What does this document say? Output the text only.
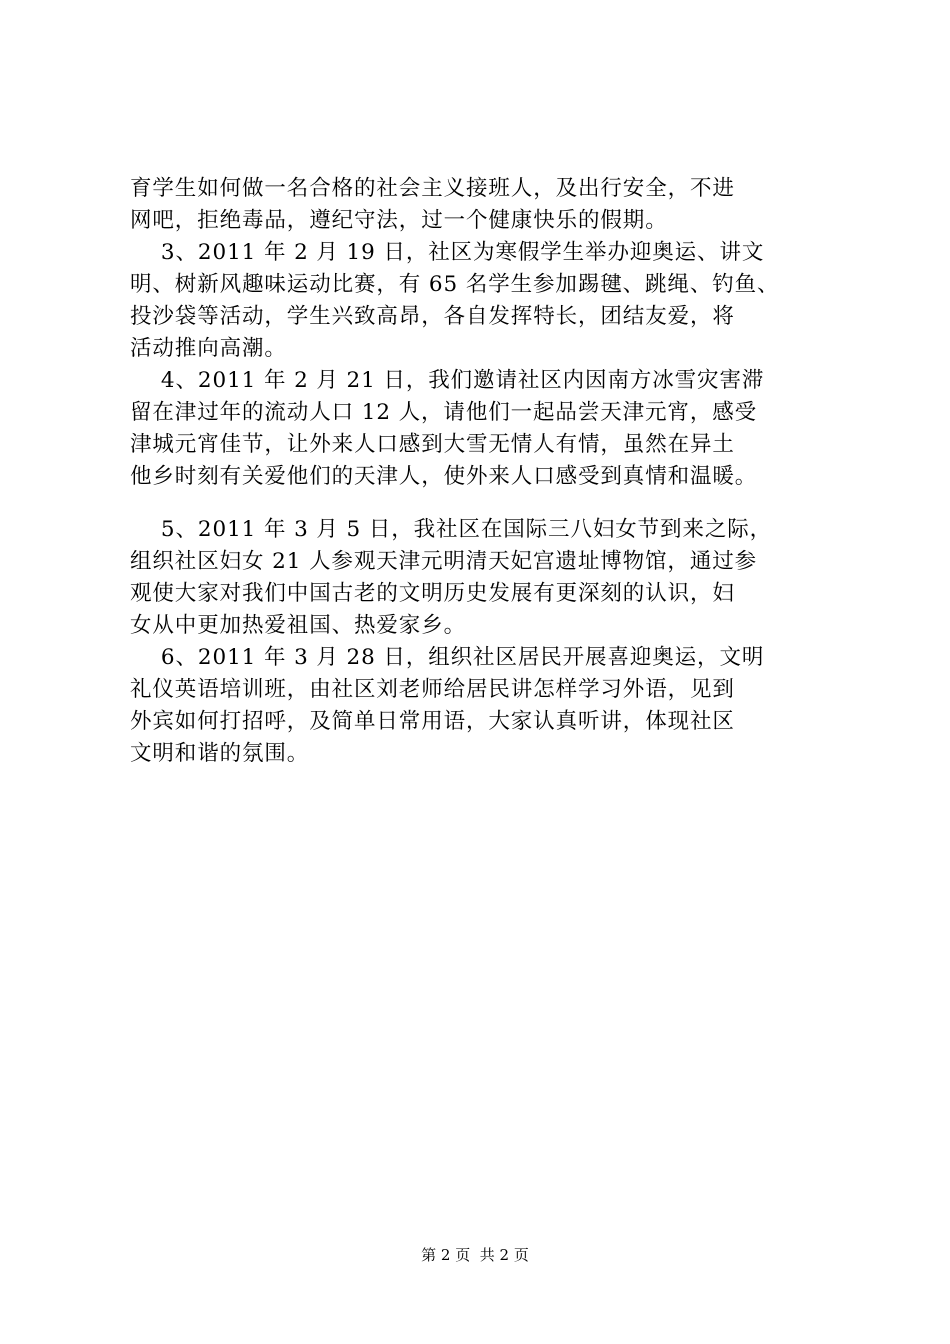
育学生如何做一名合格的社会主义接班人，及出行安全，不进
网吧，拒绝毒品，遵纪守法，过一个健康快乐的假期。
3、2011 年 2 月 19 日，社区为寒假学生举办迎奥运、讲文
明、树新风趣味运动比赛，有 65 名学生参加踢毽、跳绳、钓鱼、
投沙袋等活动，学生兴致高昂，各自发挥特长，团结友爱，将
活动推向高潮。
4、2011 年 2 月 21 日，我们邀请社区内因南方冰雪灾害滞
留在津过年的流动人口 12 人，请他们一起品尝天津元宵，感受
津城元宵佳节，让外来人口感到大雪无情人有情，虽然在异土
他乡时刻有关爱他们的天津人，使外来人口感受到真情和温暖。
5、2011 年 3 月 5 日，我社区在国际三八妇女节到来之际，
组织社区妇女 21 人参观天津元明清天妃宫遗址博物馆，通过参
观使大家对我们中国古老的文明历史发展有更深刻的认识，妇
女从中更加热爱祖国、热爱家乡。
6、2011 年 3 月 28 日，组织社区居民开展喜迎奥运，文明
礼仪英语培训班，由社区刘老师给居民讲怎样学习外语，见到
外宾如何打招呼，及简单日常用语，大家认真听讲，体现社区
文明和谐的氛围。
第 2 页  共 2 页
